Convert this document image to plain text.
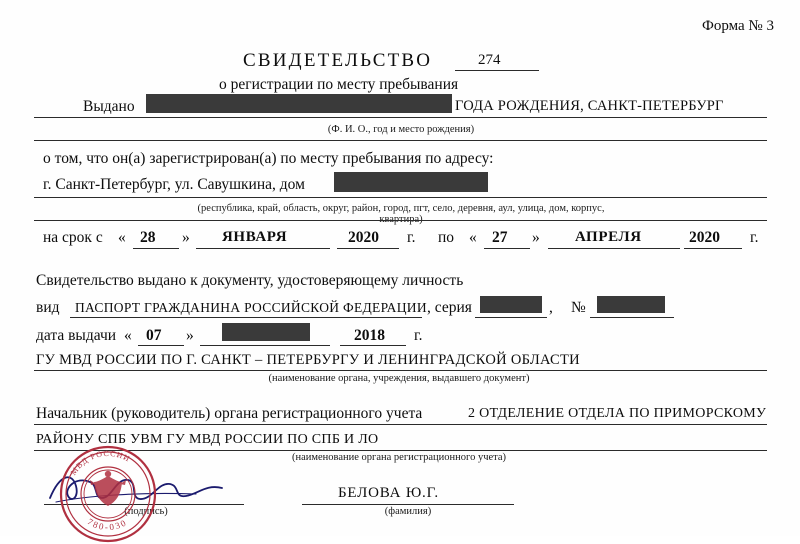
Форма № 3
СВИДЕТЕЛЬСТВО	274
о регистрации по месту пребывания
Выдано	ГОДА РОЖДЕНИЯ, САНКТ-ПЕТЕРБУРГ
(Ф. И. О., год и место рождения)
о том, что он(а) зарегистрирован(а) по месту пребывания по адресу:
г. Санкт-Петербург, ул. Савушкина, дом
(республика, край, область, округ, район, город, пгт, село, деревня, аул, улица, дом, корпус, квартира)
на срок с « 28 » ЯНВАРЯ	2020 г. по « 27 » АПРЕЛЯ	2020 г.
Свидетельство выдано к документу, удостоверяющему личность
вид ПАСПОРТ ГРАЖДАНИНА РОССИЙСКОЙ ФЕДЕРАЦИИ , серия	, №
дата выдачи « 07 »	2018 г.
ГУ МВД РОССИИ ПО Г. САНКТ – ПЕТЕРБУРГУ И ЛЕНИНГРАДСКОЙ ОБЛАСТИ
(наименование органа, учреждения, выдавшего документ)
Начальник (руководитель) органа регистрационного учета	2 ОТДЕЛЕНИЕ ОТДЕЛА ПО ПРИМОРСКОМУ
РАЙОНУ СПБ УВМ ГУ МВД РОССИИ ПО СПБ И ЛО
(наименование органа регистрационного учета)
(подпись)
БЕЛОВА Ю.Г.
(фамилия)
МВД РОССИИ
780-030
